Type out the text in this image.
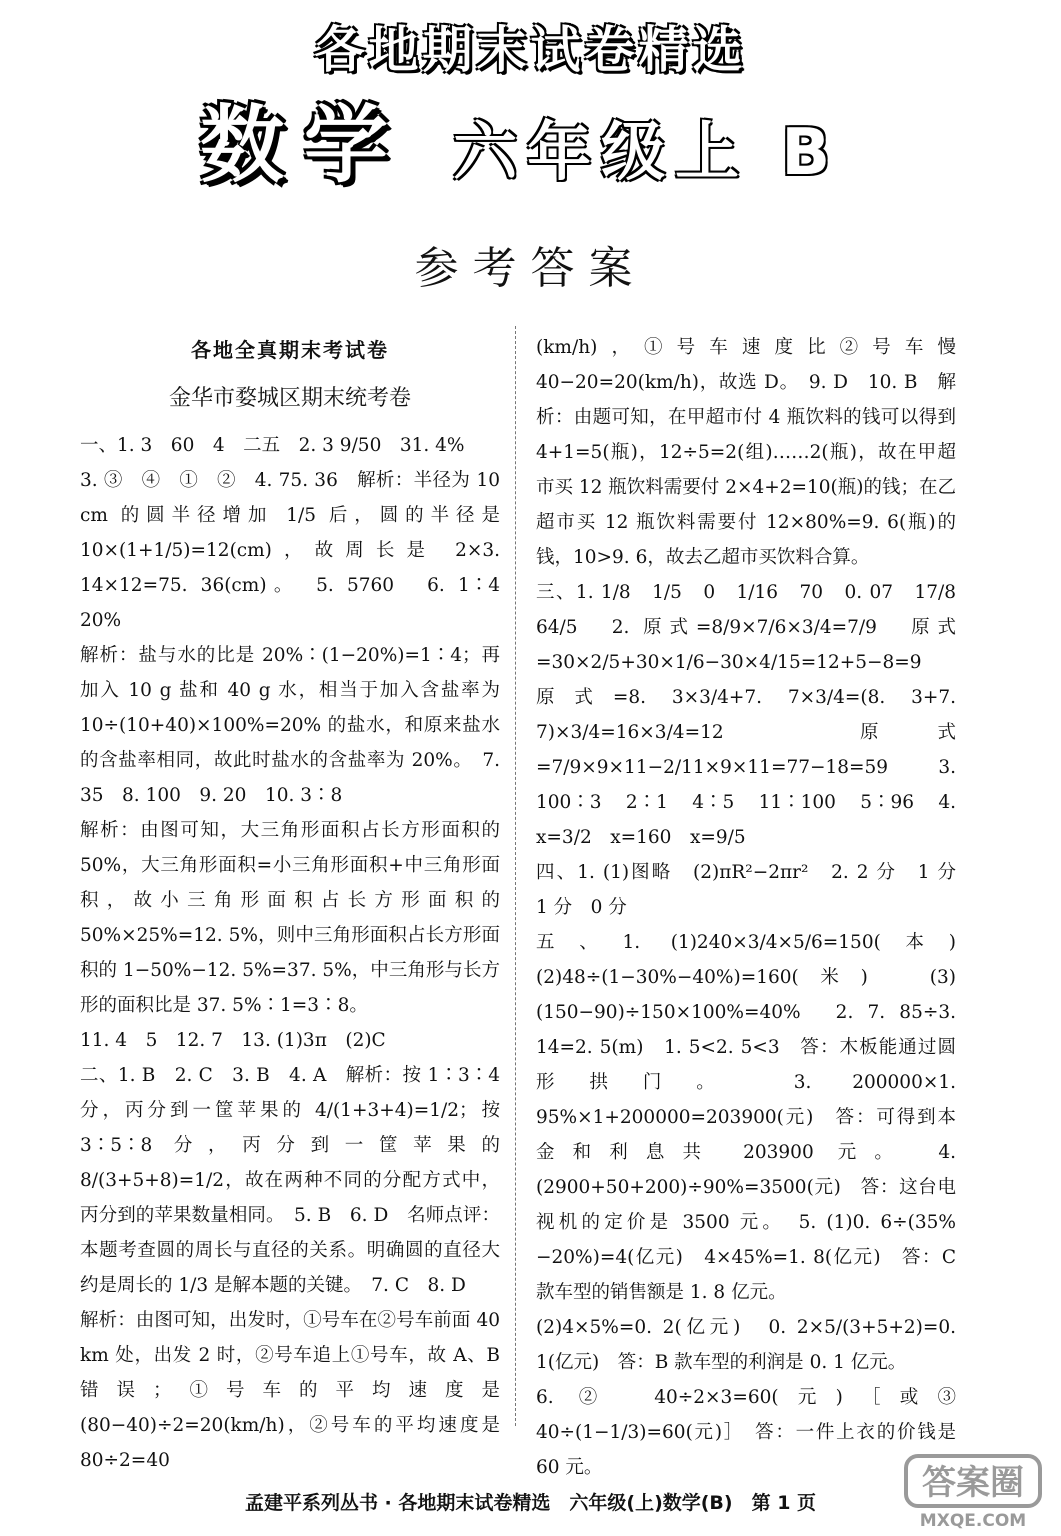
各地期末试卷精选
数学 六年级上 B
参考答案
各地全真期末考试卷
金华市婺城区期末统考卷

一、1. 3　60　4　二五　2. 3 9/50　31. 4%

3. ③　④　①　②　4. 75. 36　解析：半径为 10 cm 的圆半径增加 1/5 后，圆的半径是 10×(1+1/5)=12(cm)，故周长是 2×3. 14×12=75. 36(cm)。　5. 5760　6. 1∶4　20%

解析：盐与水的比是 20%∶(1−20%)=1∶4；再加入 10 g 盐和 40 g 水，相当于加入含盐率为 10÷(10+40)×100%=20% 的盐水，和原来盐水的含盐率相同，故此时盐水的含盐率为 20%。　7. 35　8. 100　9. 20　10. 3∶8

解析：由图可知，大三角形面积占长方形面积的 50%，大三角形面积=小三角形面积+中三角形面积，故小三角形面积占长方形面积的 50%×25%=12. 5%，则中三角形面积占长方形面积的 1−50%−12. 5%=37. 5%，中三角形与长方形的面积比是 37. 5%∶1=3∶8。

11. 4　5　12. 7　13. (1)3π　(2)C

二、1. B　2. C　3. B　4. A　解析：按 1∶3∶4 分，丙分到一筐苹果的 4/(1+3+4)=1/2；按 3∶5∶8 分，丙分到一筐苹果的 8/(3+5+8)=1/2，故在两种不同的分配方式中，丙分到的苹果数量相同。　5. B　6. D　名师点评：本题考查圆的周长与直径的关系。明确圆的直径大约是周长的 1/3 是解本题的关键。　7. C　8. D

解析：由图可知，出发时，①号车在②号车前面 40 km 处，出发 2 时，②号车追上①号车，故 A、B 错误；①号车的平均速度是 (80−40)÷2=20(km/h)，②号车的平均速度是 80÷2=40

(km/h)，①号车速度比②号车慢 40−20=20(km/h)，故选 D。　9. D　10. B　解析：由题可知，在甲超市付 4 瓶饮料的钱可以得到 4+1=5(瓶)，12÷5=2(组)……2(瓶)，故在甲超市买 12 瓶饮料需要付 2×4+2=10(瓶)的钱；在乙超市买 12 瓶饮料需要付 12×80%=9. 6(瓶)的钱，10>9. 6，故去乙超市买饮料合算。

三、1. 1/8　1/5　0　1/16　70　0. 07　17/8　64/5　2. 原式=8/9×7/6×3/4=7/9　原式=30×2/5+30×1/6−30×4/15=12+5−8=9　原式=8. 3×3/4+7. 7×3/4=(8. 3+7. 7)×3/4=16×3/4=12　原式=7/9×9×11−2/11×9×11=77−18=59　3. 100∶3　2∶1　4∶5　11∶100　5∶96　4. x=3/2　x=160　x=9/5

四、1. (1)图略　(2)πR²−2πr²　2. 2 分　1 分　1 分　0 分

五、1. (1)240×3/4×5/6=150(本)　(2)48÷(1−30%−40%)=160(米)　(3)(150−90)÷150×100%=40%　2. 7. 85÷3. 14=2. 5(m)　1. 5<2. 5<3　答：木板能通过圆形拱门。　3. 200000×1. 95%×1+200000=203900(元)　答：可得到本金和利息共 203900 元。　4. (2900+50+200)÷90%=3500(元)　答：这台电视机的定价是 3500 元。　5. (1)0. 6÷(35%−20%)=4(亿元)　4×45%=1. 8(亿元)　答：C 款车型的销售额是 1. 8 亿元。

(2)4×5%=0. 2(亿元)　0. 2×5/(3+5+2)=0. 1(亿元)　答：B 款车型的利润是 0. 1 亿元。

6. ②　40÷2×3=60(元)［或③　40÷(1−1/3)=60(元)］　答：一件上衣的价钱是 60 元。

孟建平系列丛书 · 各地期末试卷精选　六年级(上)数学(B)　第 1 页	答案圈
MXQE.COM
